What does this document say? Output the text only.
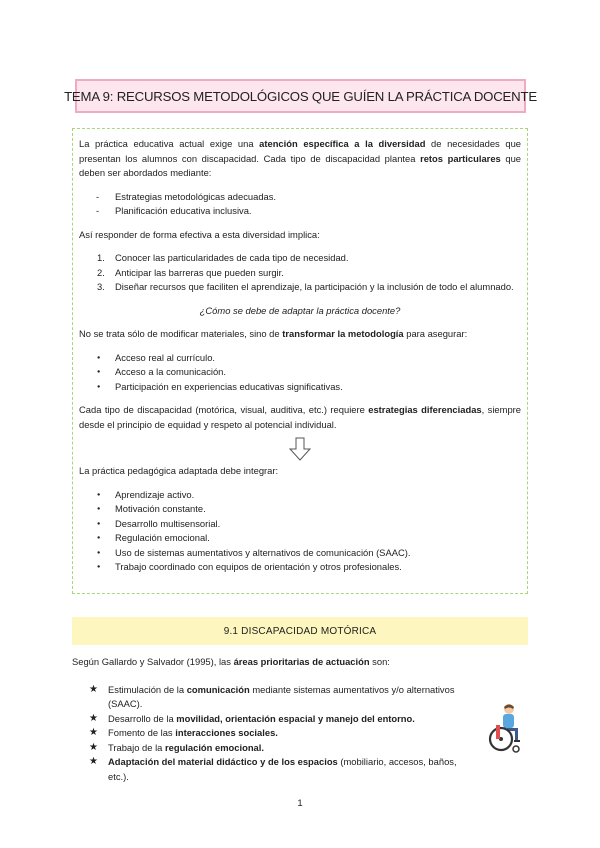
TEMA 9: RECURSOS METODOLÓGICOS QUE GUÍEN LA PRÁCTICA DOCENTE

La práctica educativa actual exige una atención específica a la diversidad de necesidades que presentan los alumnos con discapacidad. Cada tipo de discapacidad plantea retos particulares que deben ser abordados mediante:

- Estrategias metodológicas adecuadas.
- Planificación educativa inclusiva.

Así responder de forma efectiva a esta diversidad implica:

1. Conocer las particularidades de cada tipo de necesidad.
2. Anticipar las barreras que pueden surgir.
3. Diseñar recursos que faciliten el aprendizaje, la participación y la inclusión de todo el alumnado.

¿Cómo se debe de adaptar la práctica docente?

No se trata sólo de modificar materiales, sino de transformar la metodología para asegurar:

● Acceso real al currículo.
● Acceso a la comunicación.
● Participación en experiencias educativas significativas.

Cada tipo de discapacidad (motórica, visual, auditiva, etc.) requiere estrategias diferenciadas, siempre desde el principio de equidad y respeto al potencial individual.

La práctica pedagógica adaptada debe integrar:

● Aprendizaje activo.
● Motivación constante.
● Desarrollo multisensorial.
● Regulación emocional.
● Uso de sistemas aumentativos y alternativos de comunicación (SAAC).
● Trabajo coordinado con equipos de orientación y otros profesionales.
9.1 DISCAPACIDAD MOTÓRICA

Según Gallardo y Salvador (1995), las áreas prioritarias de actuación son:

★ Estimulación de la comunicación mediante sistemas aumentativos y/o alternativos (SAAC).
★ Desarrollo de la movilidad, orientación espacial y manejo del entorno.
★ Fomento de las interacciones sociales.
★ Trabajo de la regulación emocional.
★ Adaptación del material didáctico y de los espacios (mobiliario, accesos, baños, etc.).
1
